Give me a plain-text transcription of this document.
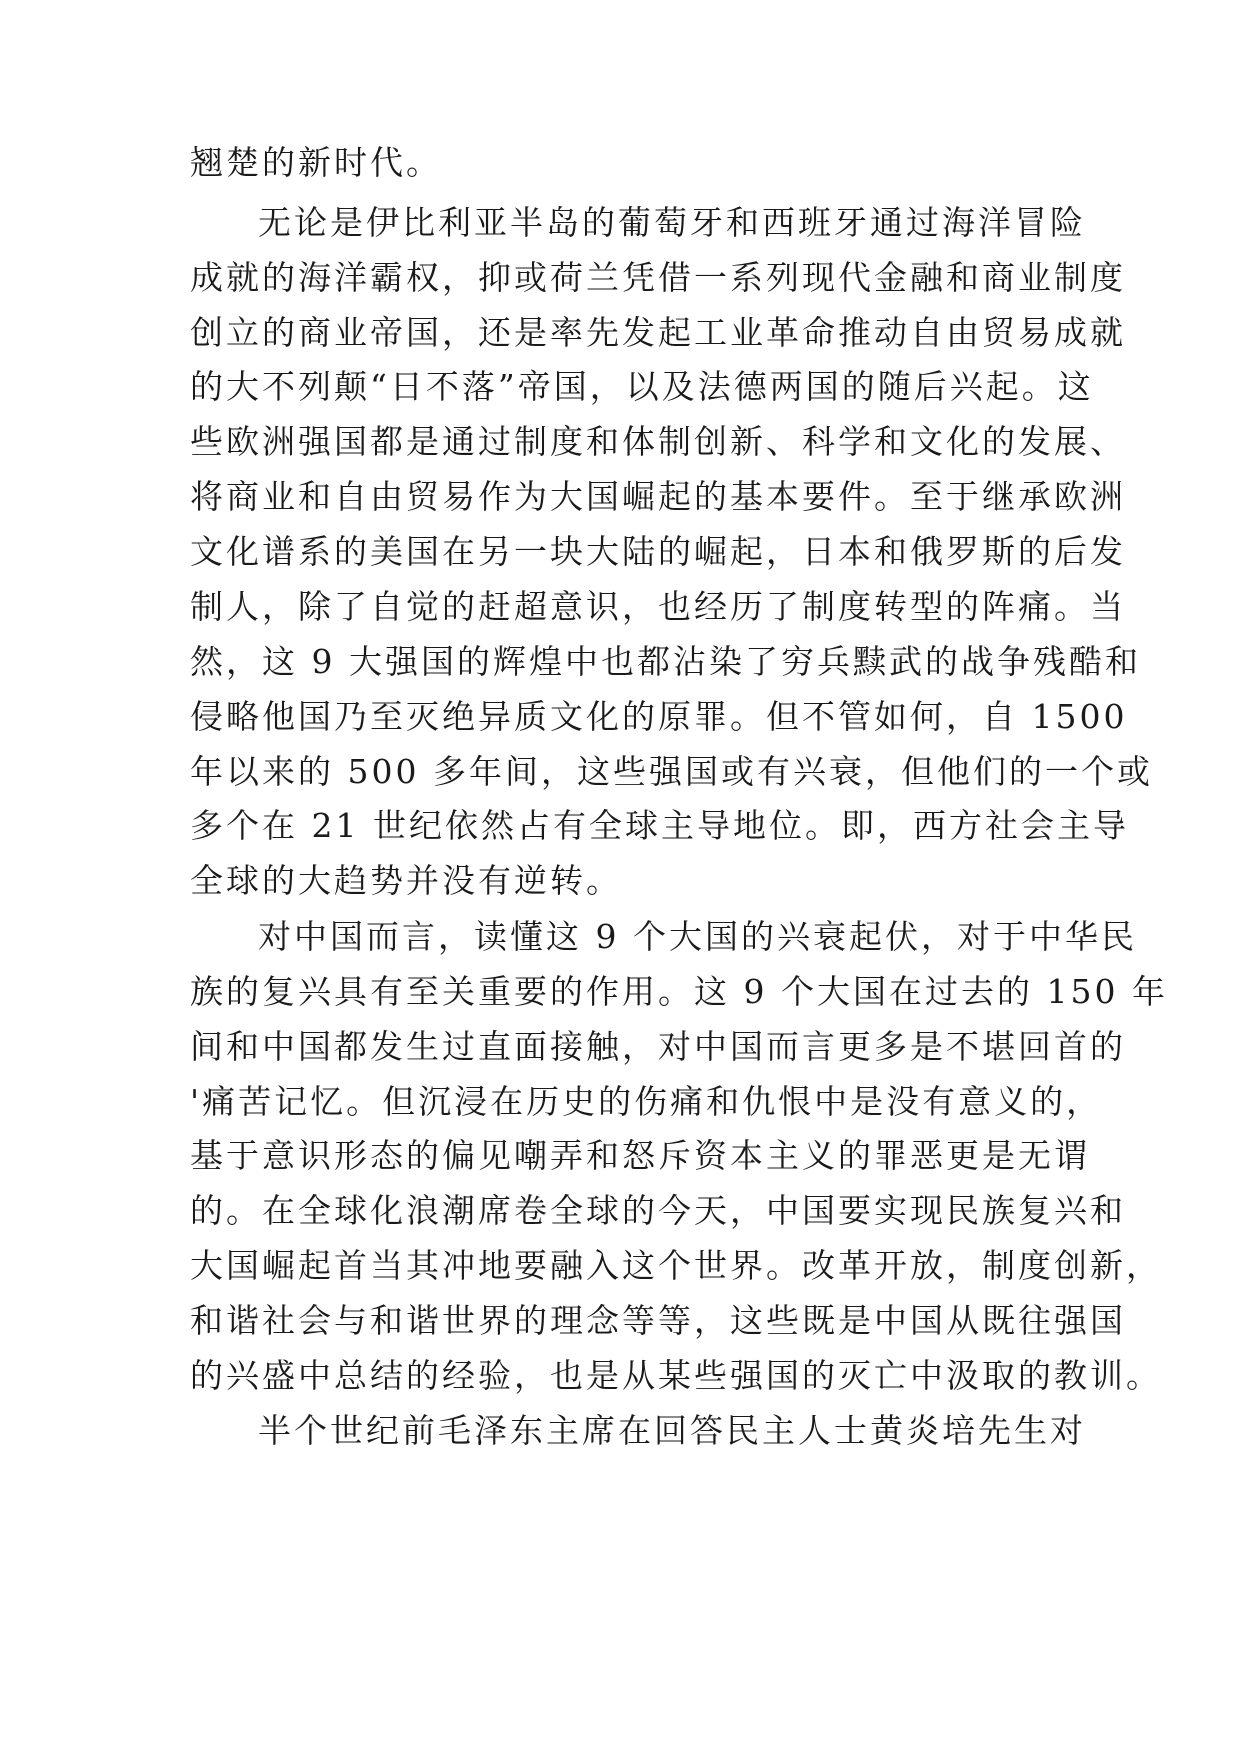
翘楚的新时代。
无论是伊比利亚半岛的葡萄牙和西班牙通过海洋冒险
成就的海洋霸权，抑或荷兰凭借一系列现代金融和商业制度
创立的商业帝国，还是率先发起工业革命推动自由贸易成就
的大不列颠“日不落”帝国，以及法德两国的随后兴起。这
些欧洲强国都是通过制度和体制创新、科学和文化的发展、
将商业和自由贸易作为大国崛起的基本要件。至于继承欧洲
文化谱系的美国在另一块大陆的崛起，日本和俄罗斯的后发
制人，除了自觉的赶超意识，也经历了制度转型的阵痛。当
然，这 9 大强国的辉煌中也都沾染了穷兵黩武的战争残酷和
侵略他国乃至灭绝异质文化的原罪。但不管如何，自 1500
年以来的 500 多年间，这些强国或有兴衰，但他们的一个或
多个在 21 世纪依然占有全球主导地位。即，西方社会主导
全球的大趋势并没有逆转。
对中国而言，读懂这 9 个大国的兴衰起伏，对于中华民
族的复兴具有至关重要的作用。这 9 个大国在过去的 150 年
间和中国都发生过直面接触，对中国而言更多是不堪回首的
'痛苦记忆。但沉浸在历史的伤痛和仇恨中是没有意义的，
基于意识形态的偏见嘲弄和怒斥资本主义的罪恶更是无谓
的。在全球化浪潮席卷全球的今天，中国要实现民族复兴和
大国崛起首当其冲地要融入这个世界。改革开放，制度创新，
和谐社会与和谐世界的理念等等，这些既是中国从既往强国
的兴盛中总结的经验，也是从某些强国的灭亡中汲取的教训。
半个世纪前毛泽东主席在回答民主人士黄炎培先生对
